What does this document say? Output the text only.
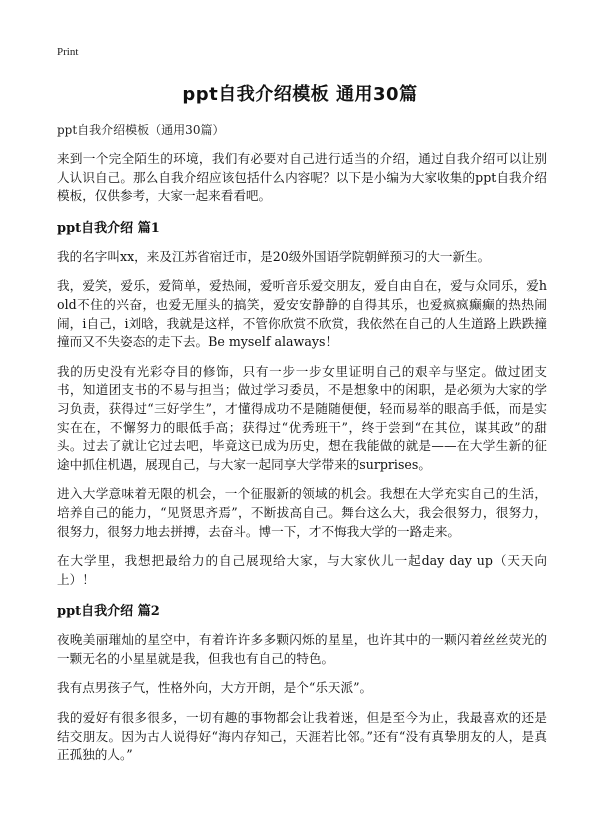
Print
ppt自我介绍模板 通用30篇
ppt自我介绍模板（通用30篇）

来到一个完全陌生的环境，我们有必要对自己进行适当的介绍，通过自我介绍可以让别人认识自己。那么自我介绍应该包括什么内容呢？以下是小编为大家收集的ppt自我介绍模板，仅供参考，大家一起来看看吧。

ppt自我介绍 篇1

我的名字叫xx，来及江苏省宿迁市，是20级外国语学院朝鲜预习的大一新生。

我，爱笑，爱乐，爱简单，爱热闹，爱听音乐爱交朋友，爱自由自在，爱与众同乐，爱hold不住的兴奋，也爱无厘头的搞笑，爱安安静静的自得其乐，也爱疯疯癫癫的热热闹闹，i自己，i刘晗，我就是这样，不管你欣赏不欣赏，我依然在自己的人生道路上跌跌撞撞而又不失姿态的走下去。Be myself alaways！

我的历史没有光彩夺目的修饰，只有一步一步女里证明自己的艰辛与坚定。做过团支书，知道团支书的不易与担当；做过学习委员，不是想象中的闲职，是必须为大家的学习负责，获得过“三好学生”，才懂得成功不是随随便便，轻而易举的眼高手低，而是实实在在，不懈努力的眼低手高；获得过“优秀班干”，终于尝到“在其位，谋其政”的甜头。过去了就让它过去吧，毕竟这已成为历史，想在我能做的就是——在大学生新的征途中抓住机遇，展现自己，与大家一起同享大学带来的surprises。

进入大学意味着无限的机会，一个征服新的领域的机会。我想在大学充实自己的生活，培养自己的能力，“见贤思齐焉”，不断拔高自己。舞台这么大，我会很努力，很努力，很努力，很努力地去拼搏，去奋斗。博一下，才不悔我大学的一路走来。

在大学里，我想把最给力的自己展现给大家，与大家伙儿一起day day up（天天向上）！

ppt自我介绍 篇2

夜晚美丽璀灿的星空中，有着许许多多颗闪烁的星星，也许其中的一颗闪着丝丝荧光的一颗无名的小星星就是我，但我也有自己的特色。

我有点男孩子气，性格外向，大方开朗，是个“乐天派”。

我的爱好有很多很多，一切有趣的事物都会让我着迷，但是至今为止，我最喜欢的还是结交朋友。因为古人说得好“海内存知己，天涯若比邻。”还有“没有真挚朋友的人，是真正孤独的人。”
